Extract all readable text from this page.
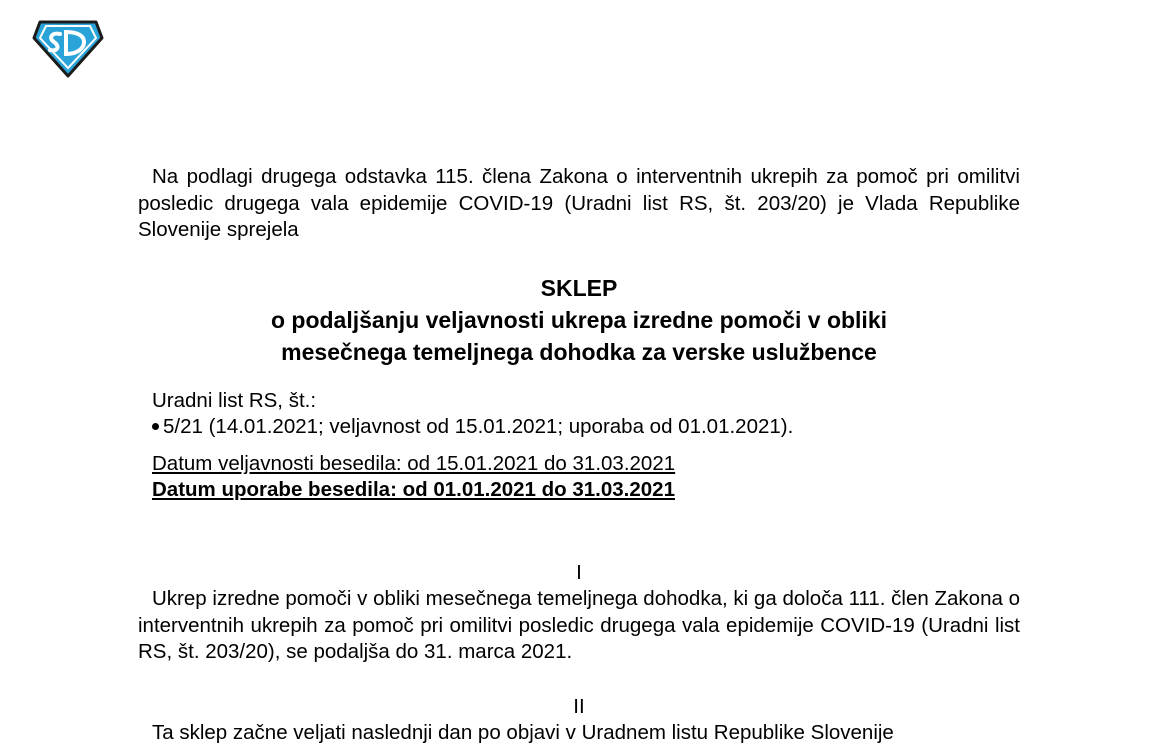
Na podlagi drugega odstavka 115. člena Zakona o interventnih ukrepih za pomoč pri omilitvi posledic drugega vala epidemije COVID-19 (Uradni list RS, št. 203/20) je Vlada Republike Slovenije sprejela

SKLEP
o podaljšanju veljavnosti ukrepa izredne pomoči v obliki
mesečnega temeljnega dohodka za verske uslužbence
Uradni list RS, št.:
5/21 (14.01.2021; veljavnost od 15.01.2021; uporaba od 01.01.2021).
Datum veljavnosti besedila: od 15.01.2021 do 31.03.2021
Datum uporabe besedila: od 01.01.2021 do 31.03.2021
I

Ukrep izredne pomoči v obliki mesečnega temeljnega dohodka, ki ga določa 111. člen Zakona o interventnih ukrepih za pomoč pri omilitvi posledic drugega vala epidemije COVID-19 (Uradni list RS, št. 203/20), se podaljša do 31. marca 2021.

II

Ta sklep začne veljati naslednji dan po objavi v Uradnem listu Republike Slovenije
